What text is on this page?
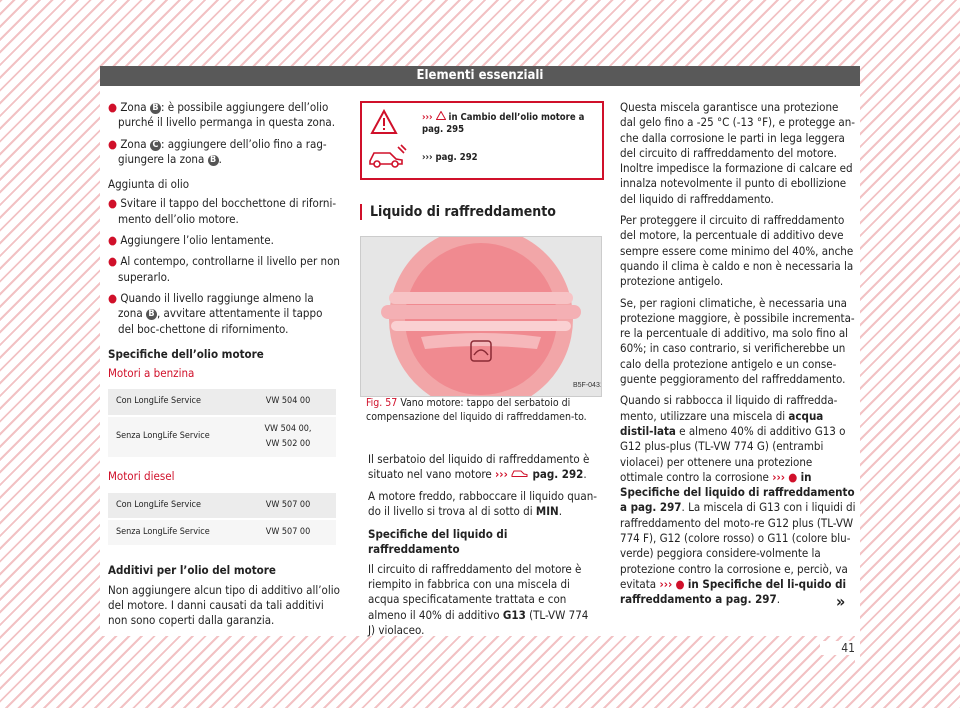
Elementi essenziali
41

● Zona B : è possibile aggiungere dell’olio purché il livello permanga in questa zona.

● Zona C : aggiungere dell’olio fino a rag-giungere la zona B .

Aggiunta di olio

● Svitare il tappo del bocchettone di riforni-mento dell’olio motore.

● Aggiungere l’olio lentamente.

● Al contempo, controllarne il livello per non superarlo.

● Quando il livello raggiunge almeno la zona B , avvitare attentamente il tappo del boc-chettone di rifornimento.

Specifiche dell’olio motore
Motori a benzina
Con LongLife Service	VW 504 00
Senza LongLife Service	VW 504 00,
VW 502 00
Motori diesel
Con LongLife Service	VW 507 00
Senza LongLife Service	VW 507 00
Additivi per l’olio del motore

Non aggiungere alcun tipo di additivo all’olio del motore. I danni causati da tali additivi non sono coperti dalla garanzia.

››› in Cambio dell’olio motore a pag. 295
››› pag. 292
Liquido di raffreddamento
B5F-0431
Fig. 57 Vano motore: tappo del serbatoio di compensazione del liquido di raffreddamen-to.

Il serbatoio del liquido di raffreddamento è situato nel vano motore ››› pag. 292.

A motore freddo, rabboccare il liquido quan-do il livello si trova al di sotto di MIN.

Specifiche del liquido di raffreddamento

Il circuito di raffreddamento del motore è riempito in fabbrica con una miscela di acqua specificatamente trattata e con almeno il 40% di additivo G13 (TL-VW 774 J) violaceo.

Questa miscela garantisce una protezione dal gelo fino a -25 °C (-13 °F), e protegge an-che dalla corrosione le parti in lega leggera del circuito di raffreddamento del motore. Inoltre impedisce la formazione di calcare ed innalza notevolmente il punto di ebollizione del liquido di raffreddamento.

Per proteggere il circuito di raffreddamento del motore, la percentuale di additivo deve sempre essere come minimo del 40%, anche quando il clima è caldo e non è necessaria la protezione antigelo.

Se, per ragioni climatiche, è necessaria una protezione maggiore, è possibile incrementa-re la percentuale di additivo, ma solo fino al 60%; in caso contrario, si verificherebbe un calo della protezione antigelo e un conse-guente peggioramento del raffreddamento.

Quando si rabbocca il liquido di raffredda-mento, utilizzare una miscela di acqua distil-lata e almeno 40% di additivo G13 o G12 plus-plus (TL-VW 774 G) (entrambi violacei) per ottenere una protezione ottimale contro la corrosione ››› ● in Specifiche del liquido di raffreddamento a pag. 297. La miscela di G13 con i liquidi di raffreddamento del moto-re G12 plus (TL-VW 774 F), G12 (colore rosso) o G11 (colore blu-verde) peggiora considere-volmente la protezione contro la corrosione e, perciò, va evitata ››› ● in Specifiche del li-quido di raffreddamento a pag. 297.	»
